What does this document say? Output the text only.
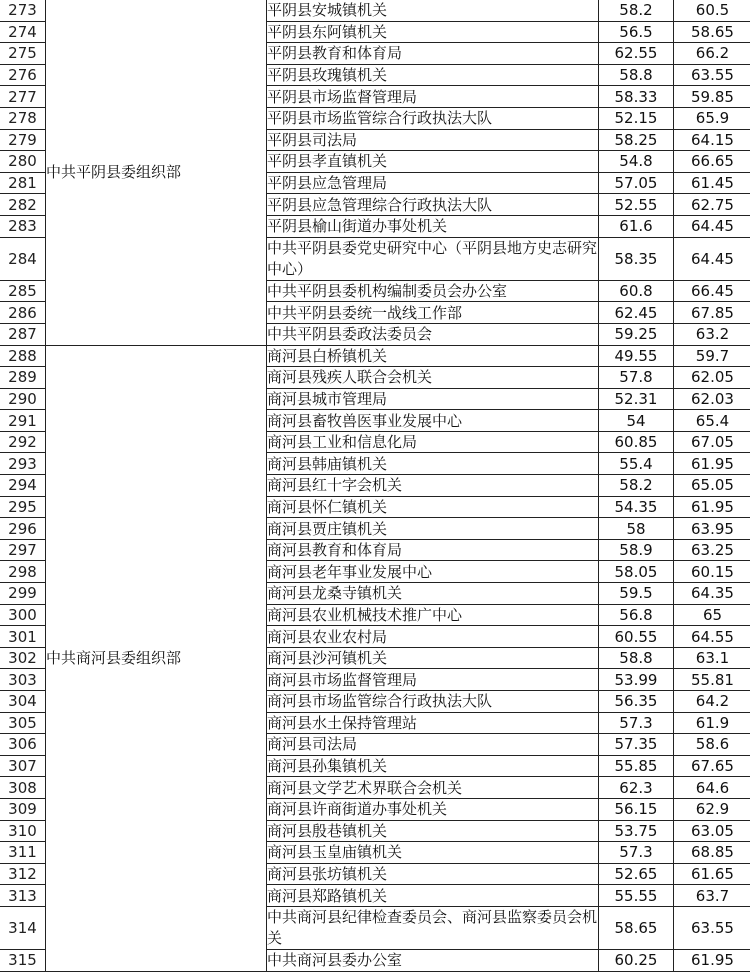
273	中共平阴县委组织部	平阴县安城镇机关	58.2	60.5
274		平阴县东阿镇机关	56.5	58.65
275		平阴县教育和体育局	62.55	66.2
276		平阴县玫瑰镇机关	58.8	63.55
277		平阴县市场监督管理局	58.33	59.85
278		平阴县市场监管综合行政执法大队	52.15	65.9
279		平阴县司法局	58.25	64.15
280		平阴县孝直镇机关	54.8	66.65
281		平阴县应急管理局	57.05	61.45
282		平阴县应急管理综合行政执法大队	52.55	62.75
283		平阴县榆山街道办事处机关	61.6	64.45
284		中共平阴县委党史研究中心（平阴县地方史志研究中心）	58.35	64.45
285		中共平阴县委机构编制委员会办公室	60.8	66.45
286		中共平阴县委统一战线工作部	62.45	67.85
287		中共平阴县委政法委员会	59.25	63.2
288	中共商河县委组织部	商河县白桥镇机关	49.55	59.7
289		商河县残疾人联合会机关	57.8	62.05
290		商河县城市管理局	52.31	62.03
291		商河县畜牧兽医事业发展中心	54	65.4
292		商河县工业和信息化局	60.85	67.05
293		商河县韩庙镇机关	55.4	61.95
294		商河县红十字会机关	58.2	65.05
295		商河县怀仁镇机关	54.35	61.95
296		商河县贾庄镇机关	58	63.95
297		商河县教育和体育局	58.9	63.25
298		商河县老年事业发展中心	58.05	60.15
299		商河县龙桑寺镇机关	59.5	64.35
300		商河县农业机械技术推广中心	56.8	65
301		商河县农业农村局	60.55	64.55
302		商河县沙河镇机关	58.8	63.1
303		商河县市场监督管理局	53.99	55.81
304		商河县市场监管综合行政执法大队	56.35	64.2
305		商河县水土保持管理站	57.3	61.9
306		商河县司法局	57.35	58.6
307		商河县孙集镇机关	55.85	67.65
308		商河县文学艺术界联合会机关	62.3	64.6
309		商河县许商街道办事处机关	56.15	62.9
310		商河县殷巷镇机关	53.75	63.05
311		商河县玉皇庙镇机关	57.3	68.85
312		商河县张坊镇机关	52.65	61.65
313		商河县郑路镇机关	55.55	63.7
314		中共商河县纪律检查委员会、商河县监察委员会机关	58.65	63.55
315		中共商河县委办公室	60.25	61.95
